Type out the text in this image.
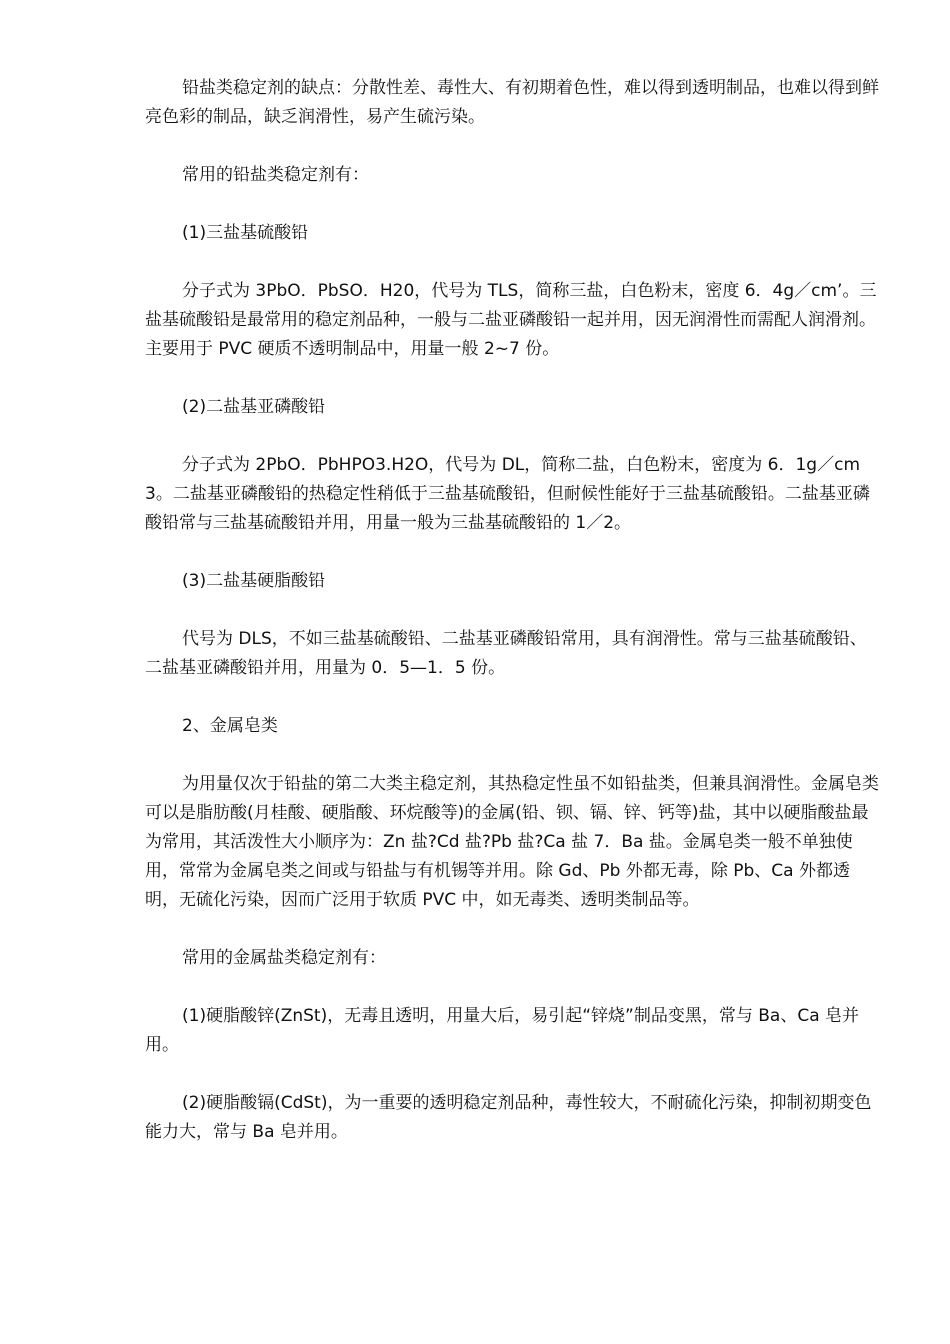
铅盐类稳定剂的缺点：分散性差、毒性大、有初期着色性，难以得到透明制品，也难以得到鲜亮色彩的制品，缺乏润滑性，易产生硫污染。

常用的铅盐类稳定剂有：

(1)三盐基硫酸铅

分子式为 3PbO．PbSO．H20，代号为 TLS，简称三盐，白色粉末，密度 6．4g／cm’。三盐基硫酸铅是最常用的稳定剂品种，一般与二盐亚磷酸铅一起并用，因无润滑性而需配人润滑剂。主要用于 PVC 硬质不透明制品中，用量一般 2~7 份。

(2)二盐基亚磷酸铅

分子式为 2PbO．PbHPO3.H2O，代号为 DL，简称二盐，白色粉末，密度为 6．1g／cm3。二盐基亚磷酸铅的热稳定性稍低于三盐基硫酸铅，但耐候性能好于三盐基硫酸铅。二盐基亚磷酸铅常与三盐基硫酸铅并用，用量一般为三盐基硫酸铅的 1／2。

(3)二盐基硬脂酸铅

代号为 DLS，不如三盐基硫酸铅、二盐基亚磷酸铅常用，具有润滑性。常与三盐基硫酸铅、二盐基亚磷酸铅并用，用量为 0．5—1．5 份。

2、金属皂类

为用量仅次于铅盐的第二大类主稳定剂，其热稳定性虽不如铅盐类，但兼具润滑性。金属皂类可以是脂肪酸(月桂酸、硬脂酸、环烷酸等)的金属(铅、钡、镉、锌、钙等)盐，其中以硬脂酸盐最为常用，其活泼性大小顺序为：Zn 盐?Cd 盐?Pb 盐?Ca 盐 7．Ba 盐。金属皂类一般不单独使用，常常为金属皂类之间或与铅盐与有机锡等并用。除 Gd、Pb 外都无毒，除 Pb、Ca 外都透明，无硫化污染，因而广泛用于软质 PVC 中，如无毒类、透明类制品等。

常用的金属盐类稳定剂有：

(1)硬脂酸锌(ZnSt)，无毒且透明，用量大后，易引起“锌烧”制品变黑，常与 Ba、Ca 皂并用。

(2)硬脂酸镉(CdSt)，为一重要的透明稳定剂品种，毒性较大，不耐硫化污染，抑制初期变色能力大，常与 Ba 皂并用。
